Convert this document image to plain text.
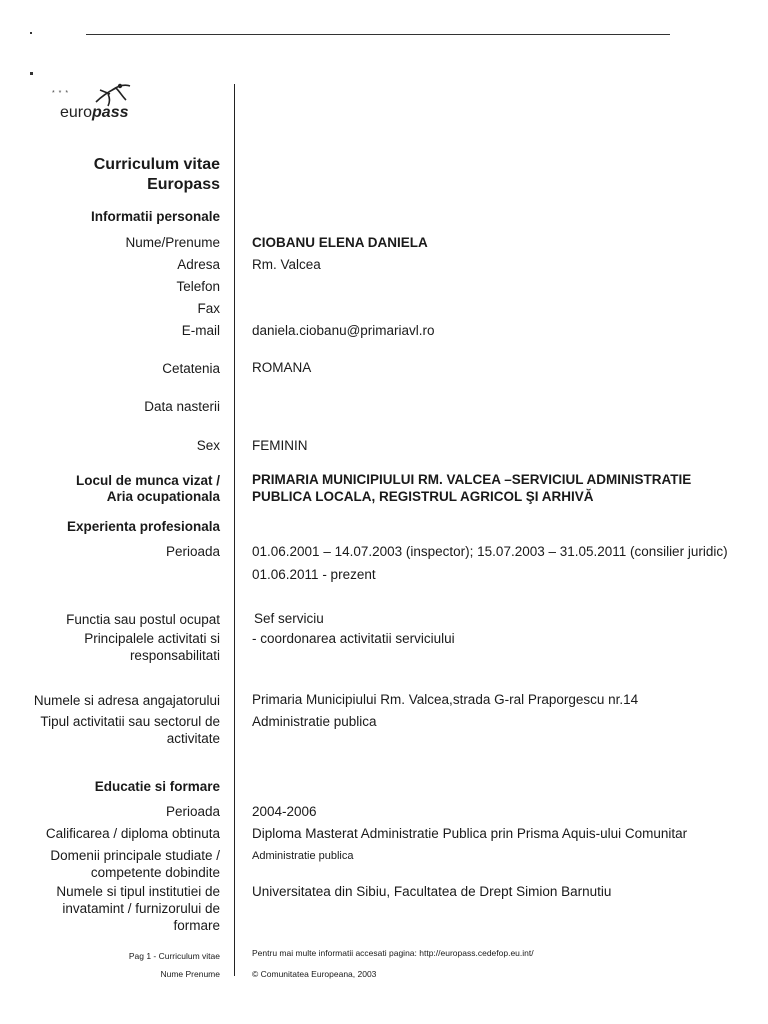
* * *
europass
Curriculum vitae
Europass
Informatii personale
Nume/Prenume CIOBANU ELENA DANIELA
Adresa Rm. Valcea
Telefon
Fax
E-mail daniela.ciobanu@primariavl.ro
Cetatenia ROMANA
Data nasterii
Sex FEMININ
Locul de munca vizat /
Aria ocupationala
PRIMARIA MUNICIPIULUI RM. VALCEA –SERVICIUL ADMINISTRATIE
PUBLICA LOCALA, REGISTRUL AGRICOL ŞI ARHIVĂ
Experienta profesionala
Perioada 01.06.2001 – 14.07.2003 (inspector); 15.07.2003 – 31.05.2011 (consilier juridic)
01.06.2011 - prezent
Functia sau postul ocupat	Sef serviciu
Principalele activitati si
responsabilitati
- coordonarea activitatii serviciului
Numele si adresa angajatorului Primaria Municipiului Rm. Valcea,strada G-ral Praporgescu nr.14
Tipul activitatii sau sectorul de
activitate
Administratie publica
Educatie si formare
Perioada 2004-2006
Calificarea / diploma obtinuta Diploma Masterat Administratie Publica prin Prisma Aquis-ului Comunitar
Domenii principale studiate /
competente dobindite
Administratie publica
Numele si tipul institutiei de
invatamint / furnizorului de
formare
Universitatea din Sibiu, Facultatea de Drept Simion Barnutiu
Pag 1 - Curriculum vitae
Nume Prenume
Pentru mai multe informatii accesati pagina: http://europass.cedefop.eu.int/
© Comunitatea Europeana, 2003
